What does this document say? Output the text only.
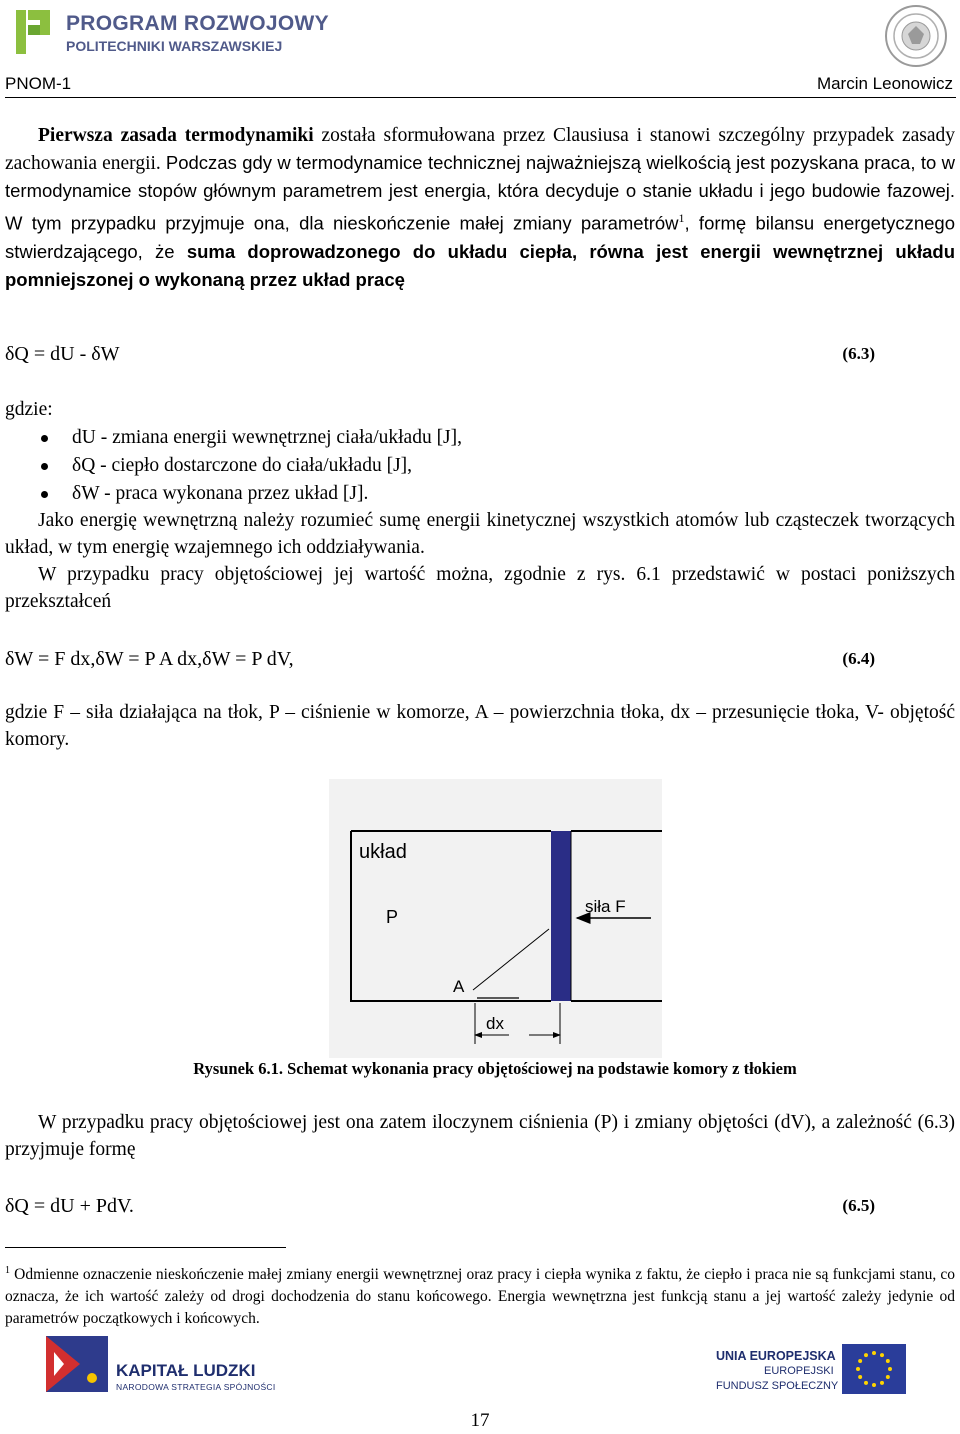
PROGRAM ROZWOJOWY
POLITECHNIKI WARSZAWSKIEJ
PNOM-1	Marcin Leonowicz
Pierwsza zasada termodynamiki została sformułowana przez Clausiusa i stanowi szczególny przypadek zasady zachowania energii. Podczas gdy w termodynamice technicznej najważniejszą wielkością jest pozyskana praca, to w termodynamice stopów głównym parametrem jest energia, która decyduje o stanie układu i jego budowie fazowej. W tym przypadku przyjmuje ona, dla nieskończenie małej zmiany parametrów$^1$, formę bilansu energetycznego stwierdzającego, że suma doprowadzonego do układu ciepła, równa jest energii wewnętrznej układu pomniejszonej o wykonaną przez układ pracę
δQ = dU - δW	(6.3)
gdzie:
dU - zmiana energii wewnętrznej ciała/układu [J],
δQ - ciepło dostarczone do ciała/układu [J],
δW - praca wykonana przez układ [J].
Jako energię wewnętrzną należy rozumieć sumę energii kinetycznej wszystkich atomów lub cząsteczek tworzących układ, w tym energię wzajemnego ich oddziaływania.
W przypadku pracy objętościowej jej wartość można, zgodnie z rys. 6.1 przedstawić w postaci poniższych przekształceń
δW = F dx,δW = P A dx,δW = P dV,	(6.4)
gdzie F – siła działająca na tłok, P – ciśnienie w komorze, A – powierzchnia tłoka, dx – przesunięcie tłoka, V- objętość komory.
układ
P
siła F
A
dx
Rysunek 6.1. Schemat wykonania pracy objętościowej na podstawie komory z tłokiem
W przypadku pracy objętościowej jest ona zatem iloczynem ciśnienia (P) i zmiany objętości (dV), a zależność (6.3) przyjmuje formę
δQ = dU + PdV.	(6.5)
$^1$ Odmienne oznaczenie nieskończenie małej zmiany energii wewnętrznej oraz pracy i ciepła wynika z faktu, że ciepło i praca nie są funkcjami stanu, co oznacza, że ich wartość zależy od drogi dochodzenia do stanu końcowego. Energia wewnętrzna jest funkcją stanu a jej wartość zależy jedynie od parametrów początkowych i końcowych.
KAPITAŁ LUDZKI
NARODOWA STRATEGIA SPÓJNOŚCI
UNIA EUROPEJSKA
EUROPEJSKI
FUNDUSZ SPOŁECZNY
17
